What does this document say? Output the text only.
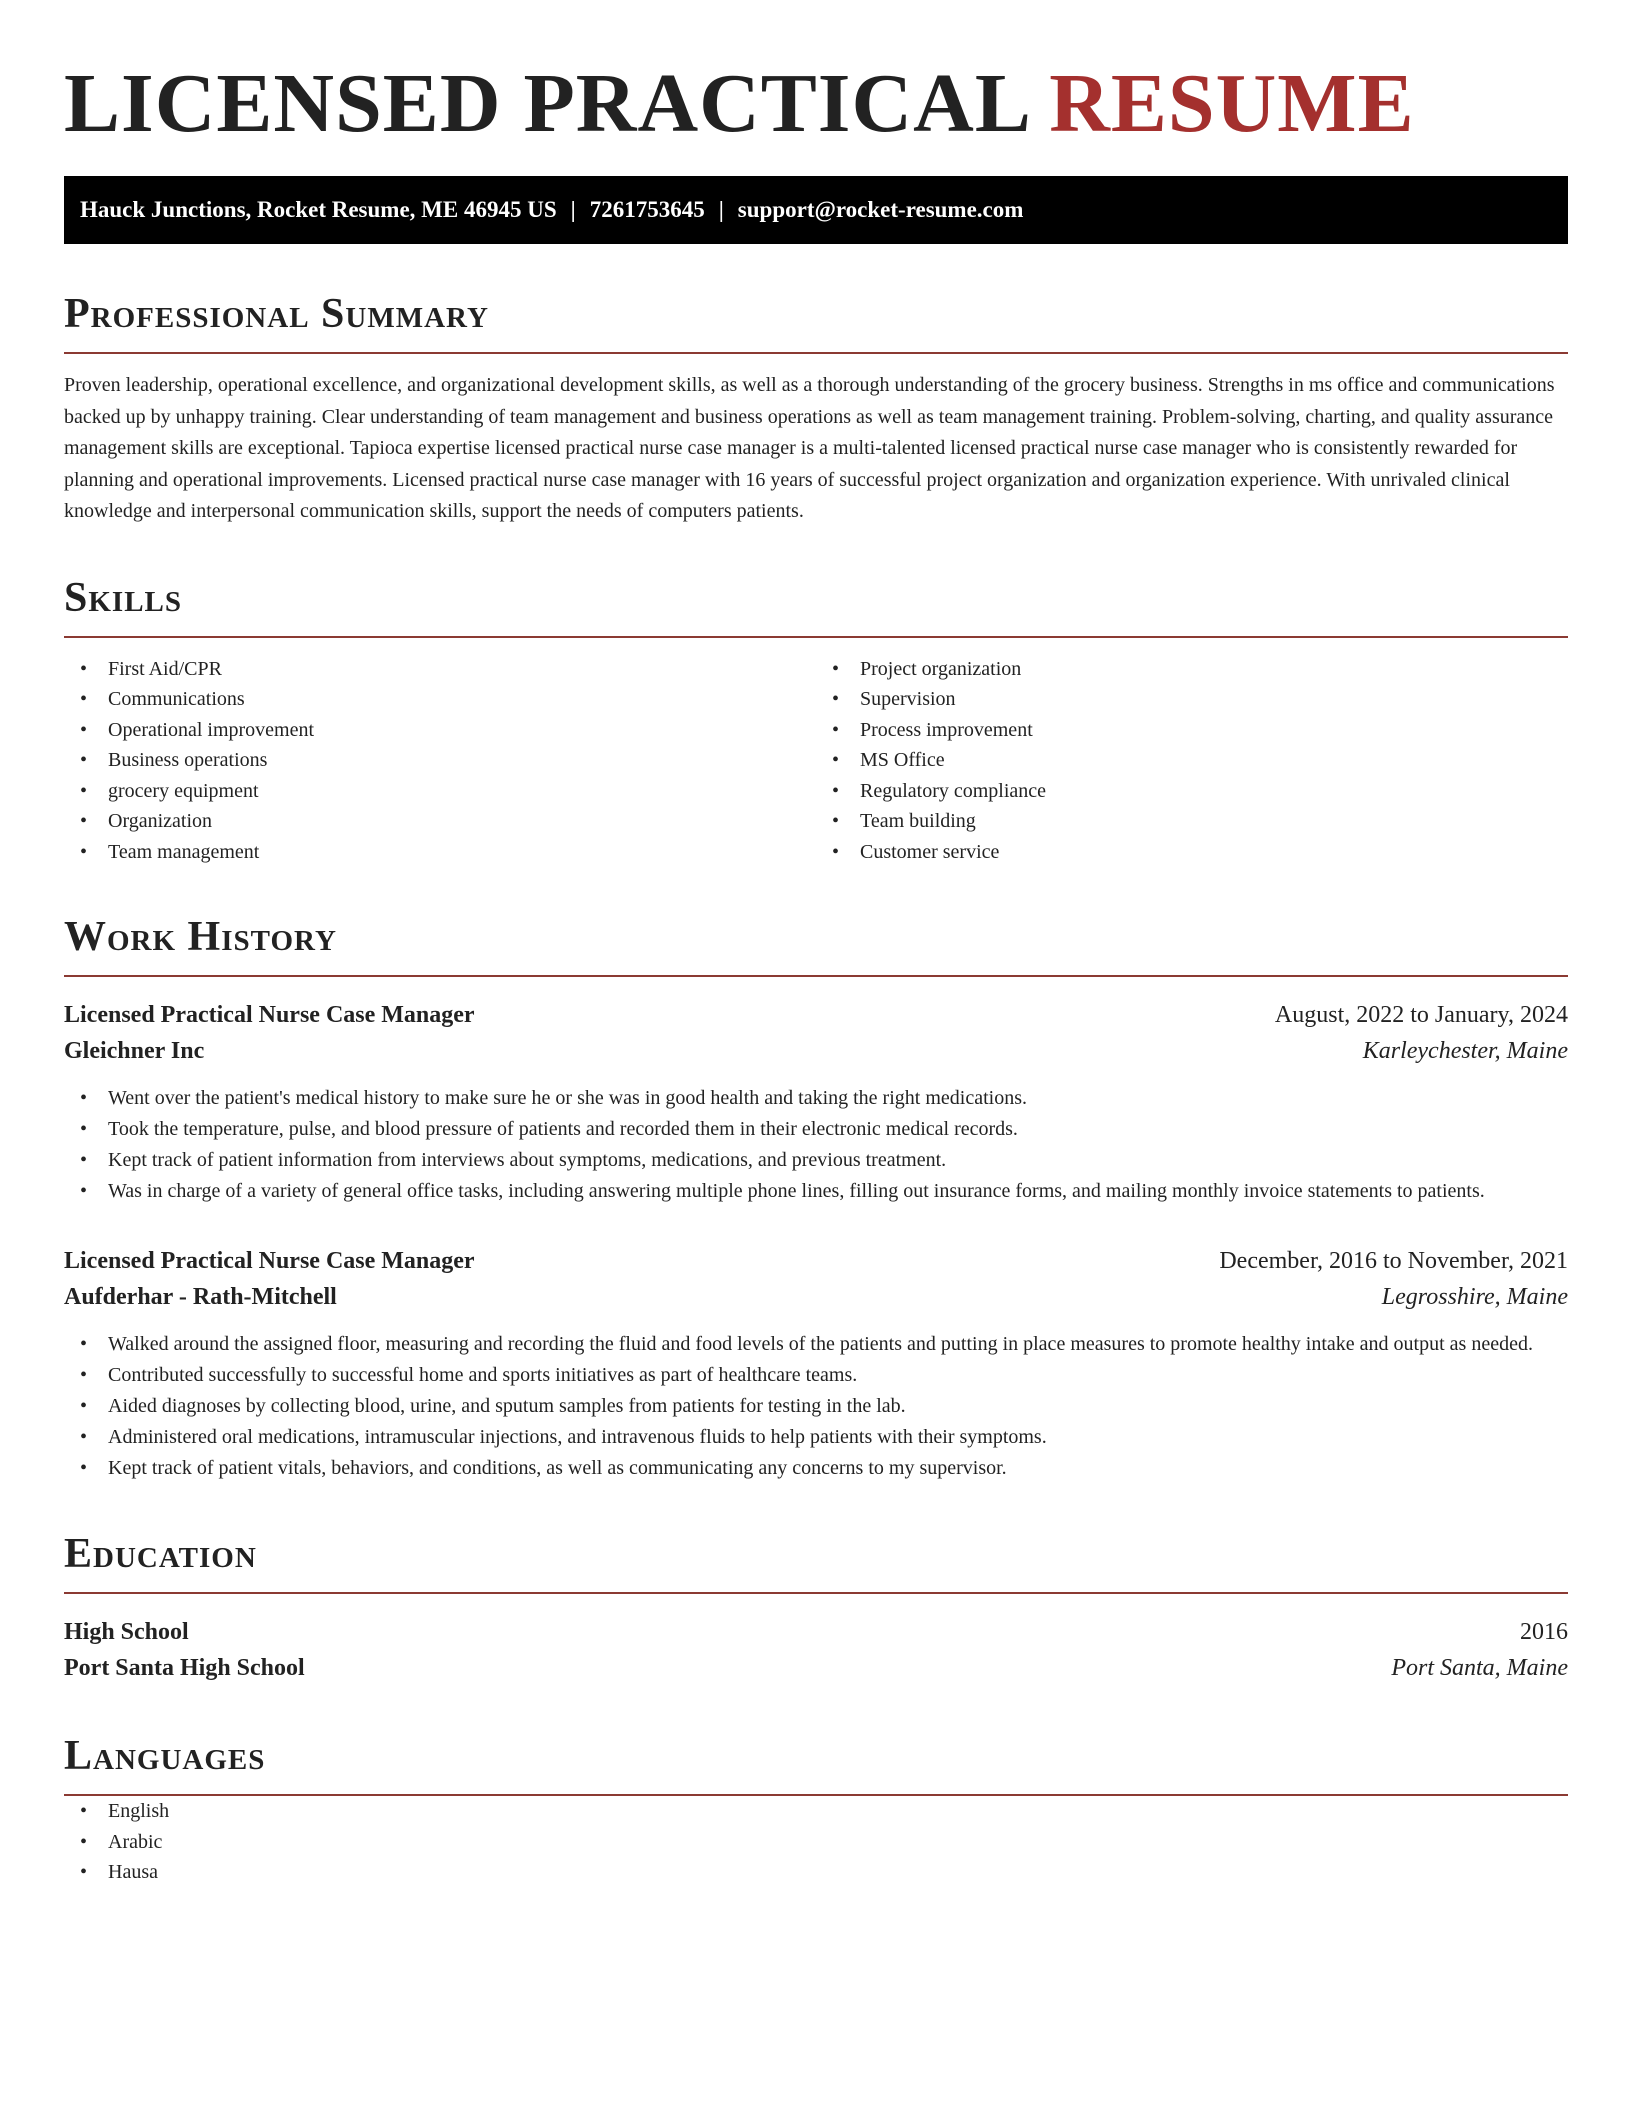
LICENSED PRACTICAL RESUME
Hauck Junctions, Rocket Resume, ME 46945 US | 7261753645 | support@rocket-resume.com
Professional Summary

Proven leadership, operational excellence, and organizational development skills, as well as a thorough understanding of the grocery business. Strengths in ms office and communications backed up by unhappy training. Clear understanding of team management and business operations as well as team management training. Problem-solving, charting, and quality assurance management skills are exceptional. Tapioca expertise licensed practical nurse case manager is a multi-talented licensed practical nurse case manager who is consistently rewarded for planning and operational improvements. Licensed practical nurse case manager with 16 years of successful project organization and organization experience. With unrivaled clinical knowledge and interpersonal communication skills, support the needs of computers patients.

Skills
• First Aid/CPR
• Communications
• Operational improvement
• Business operations
• grocery equipment
• Organization
• Team management
• Project organization
• Supervision
• Process improvement
• MS Office
• Regulatory compliance
• Team building
• Customer service
Work History
Licensed Practical Nurse Case Manager	August, 2022 to January, 2024
Gleichner Inc	Karleychester, Maine
• Went over the patient's medical history to make sure he or she was in good health and taking the right medications.
• Took the temperature, pulse, and blood pressure of patients and recorded them in their electronic medical records.
• Kept track of patient information from interviews about symptoms, medications, and previous treatment.
• Was in charge of a variety of general office tasks, including answering multiple phone lines, filling out insurance forms, and mailing monthly invoice statements to patients.
Licensed Practical Nurse Case Manager	December, 2016 to November, 2021
Aufderhar - Rath-Mitchell	Legrosshire, Maine
• Walked around the assigned floor, measuring and recording the fluid and food levels of the patients and putting in place measures to promote healthy intake and output as needed.
• Contributed successfully to successful home and sports initiatives as part of healthcare teams.
• Aided diagnoses by collecting blood, urine, and sputum samples from patients for testing in the lab.
• Administered oral medications, intramuscular injections, and intravenous fluids to help patients with their symptoms.
• Kept track of patient vitals, behaviors, and conditions, as well as communicating any concerns to my supervisor.
Education
High School	2016
Port Santa High School	Port Santa, Maine
Languages
• English
• Arabic
• Hausa
